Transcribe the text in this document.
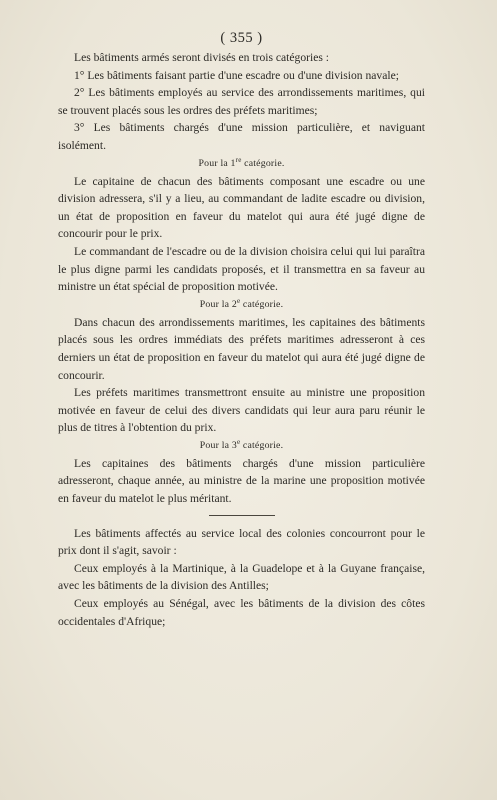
( 355 )

Les bâtiments armés seront divisés en trois catégories :

1° Les bâtiments faisant partie d'une escadre ou d'une division navale;

2° Les bâtiments employés au service des arrondissements maritimes, qui se trouvent placés sous les ordres des préfets maritimes;

3° Les bâtiments chargés d'une mission particulière, et naviguant isolément.

Pour la 1re catégorie.

Le capitaine de chacun des bâtiments composant une escadre ou une division adressera, s'il y a lieu, au commandant de ladite escadre ou division, un état de proposition en faveur du matelot qui aura été jugé digne de concourir pour le prix.

Le commandant de l'escadre ou de la division choisira celui qui lui paraîtra le plus digne parmi les candidats proposés, et il transmettra en sa faveur au ministre un état spécial de proposition motivée.

Pour la 2e catégorie.

Dans chacun des arrondissements maritimes, les capitaines des bâtiments placés sous les ordres immédiats des préfets maritimes adresseront à ces derniers un état de proposition en faveur du matelot qui aura été jugé digne de concourir.

Les préfets maritimes transmettront ensuite au ministre une proposition motivée en faveur de celui des divers candidats qui leur aura paru réunir le plus de titres à l'obtention du prix.

Pour la 3e catégorie.

Les capitaines des bâtiments chargés d'une mission particulière adresseront, chaque année, au ministre de la marine une proposition motivée en faveur du matelot le plus méritant.

Les bâtiments affectés au service local des colonies concourront pour le prix dont il s'agit, savoir :

Ceux employés à la Martinique, à la Guadelope et à la Guyane française, avec les bâtiments de la division des Antilles;

Ceux employés au Sénégal, avec les bâtiments de la division des côtes occidentales d'Afrique;
